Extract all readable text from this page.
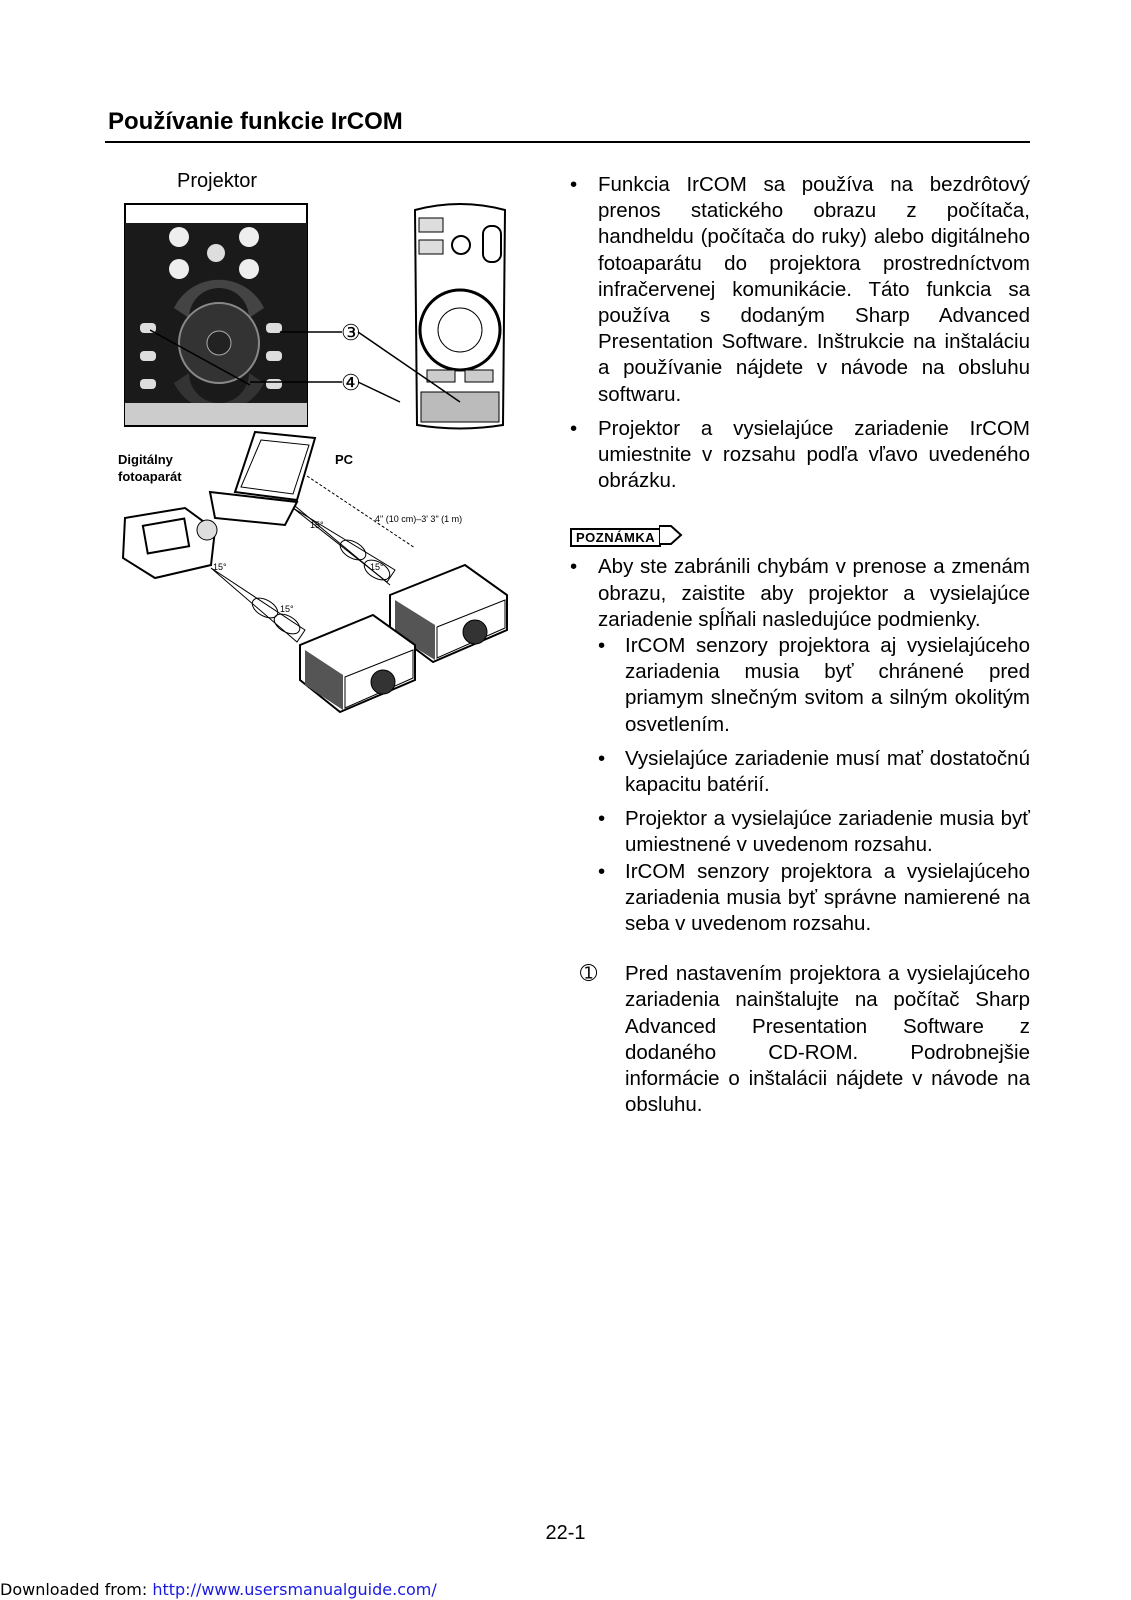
Používanie funkcie IrCOM
Projektor
③
④
Digitálny
fotoaparát
PC
4" (10 cm)–3' 3" (1 m)
15°
15°
15°
15°
• Funkcia IrCOM sa používa na bezdrôtový prenos statického obrazu z počítača, handheldu (počítača do ruky) alebo digitálneho fotoaparátu do projektora prostredníctvom infračervenej komunikácie. Táto funkcia sa používa s dodaným Sharp Advanced Presentation Software. Inštrukcie na inštaláciu a používanie nájdete v návode na obsluhu softwaru.
• Projektor a vysielajúce zariadenie IrCOM umiestnite v rozsahu podľa vľavo uvedeného obrázku.
POZNÁMKA
• Aby ste zabránili chybám v prenose a zmenám obrazu, zaistite aby projektor a vysielajúce zariadenie spĺňali nasledujúce podmienky.
• IrCOM senzory projektora aj vysielajúceho zariadenia musia byť chránené pred priamym slnečným svitom a silným okolitým osvetlením.
• Vysielajúce zariadenie musí mať dostatočnú kapacitu batérií.
• Projektor a vysielajúce zariadenie musia byť umiestnené v uvedenom rozsahu.
• IrCOM senzory projektora a vysielajúceho zariadenia musia byť správne namierené na seba v uvedenom rozsahu.
➀ Pred nastavením projektora a vysielajúceho zariadenia nainštalujte na počítač Sharp Advanced Presentation Software z dodaného CD-ROM. Podrobnejšie informácie o inštalácii nájdete v návode na obsluhu.
22-1
Downloaded from: http://www.usersmanualguide.com/
